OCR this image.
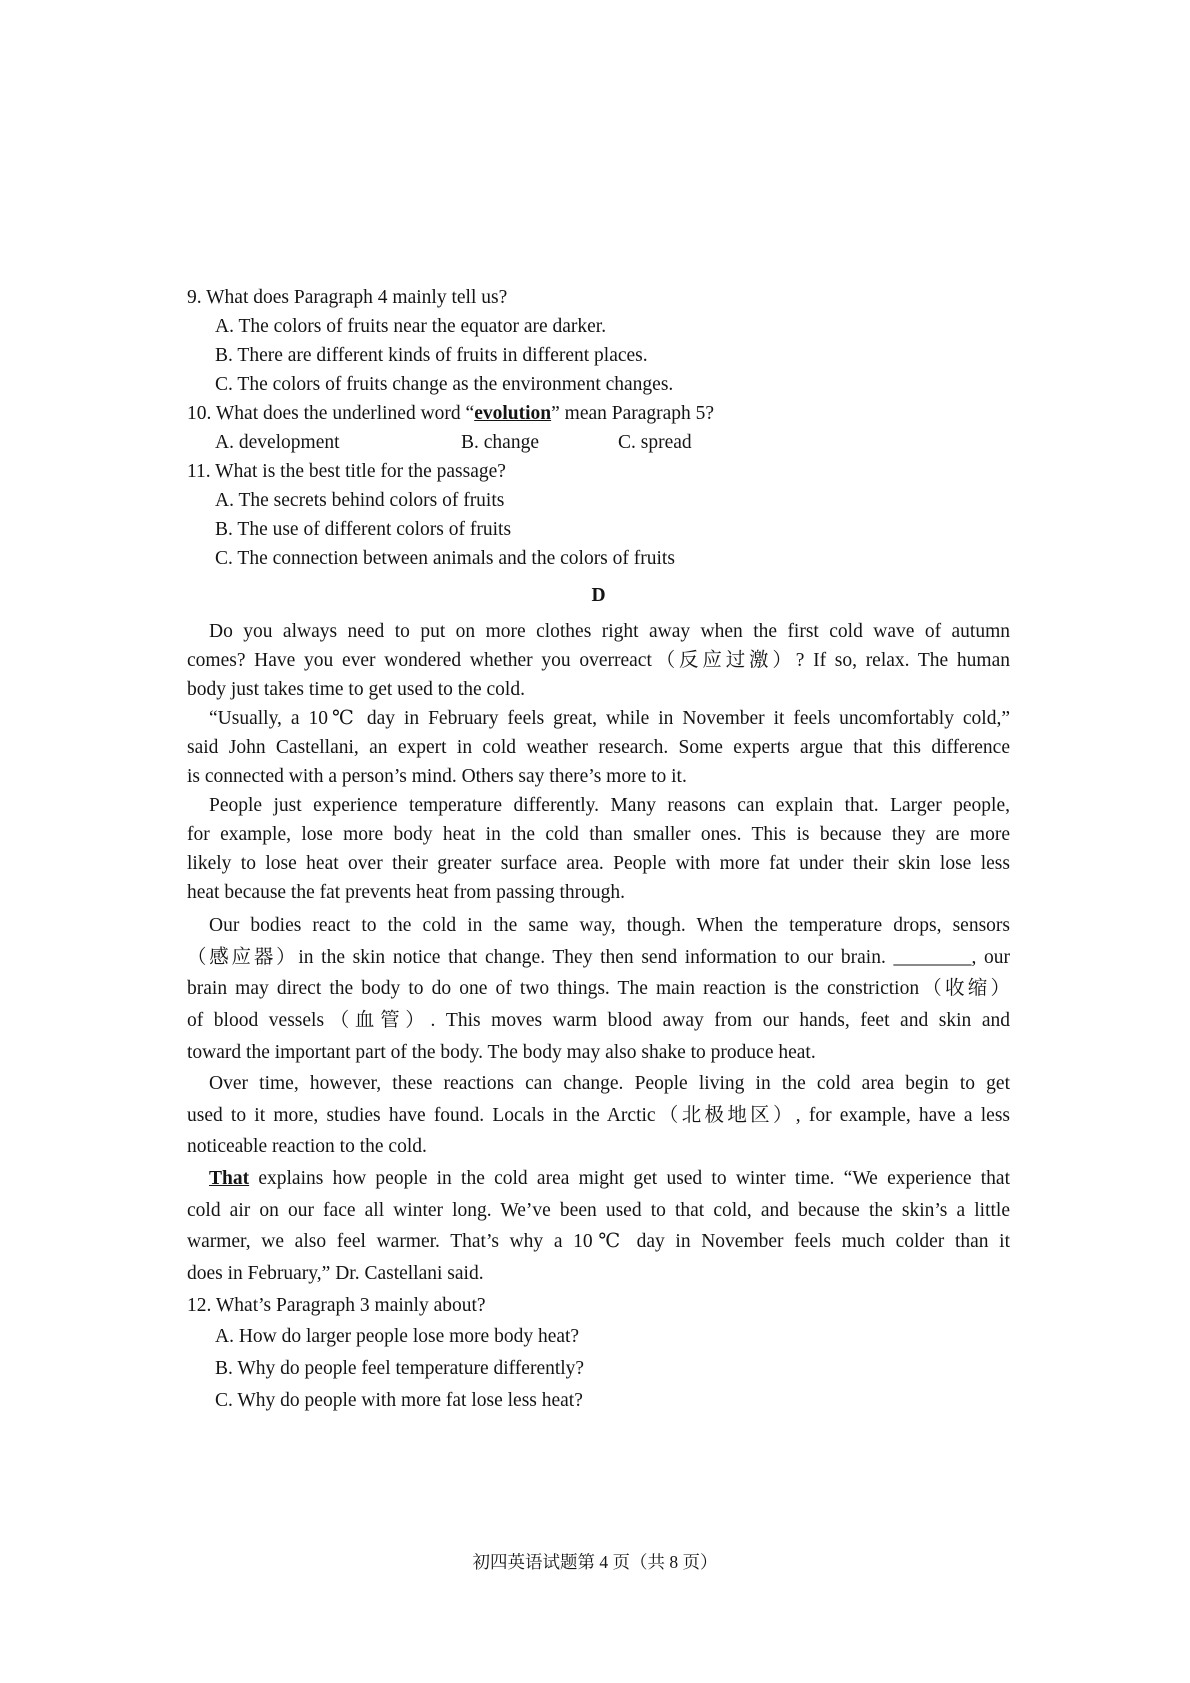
9. What does Paragraph 4 mainly tell us?
A. The colors of fruits near the equator are darker.
B. There are different kinds of fruits in different places.
C. The colors of fruits change as the environment changes.
10. What does the underlined word “evolution” mean Paragraph 5?
A. development	B. change	C. spread
11. What is the best title for the passage?
A. The secrets behind colors of fruits
B. The use of different colors of fruits
C. The connection between animals and the colors of fruits
D
Do you always need to put on more clothes right away when the first cold wave of autumn
comes? Have you ever wondered whether you overreact（反应过激）? If so, relax. The human
body just takes time to get used to the cold.
“Usually, a 10℃ day in February feels great, while in November it feels uncomfortably cold,”
said John Castellani, an expert in cold weather research. Some experts argue that this difference
is connected with a person’s mind. Others say there’s more to it.
People just experience temperature differently. Many reasons can explain that. Larger people,
for example, lose more body heat in the cold than smaller ones. This is because they are more
likely to lose heat over their greater surface area. People with more fat under their skin lose less
heat because the fat prevents heat from passing through.
Our bodies react to the cold in the same way, though. When the temperature drops, sensors
（感应器）in the skin notice that change. They then send information to our brain. ________, our
brain may direct the body to do one of two things. The main reaction is the constriction（收缩）
of blood vessels（血管）. This moves warm blood away from our hands, feet and skin and
toward the important part of the body. The body may also shake to produce heat.
Over time, however, these reactions can change. People living in the cold area begin to get
used to it more, studies have found. Locals in the Arctic（北极地区）, for example, have a less
noticeable reaction to the cold.
That explains how people in the cold area might get used to winter time. “We experience that
cold air on our face all winter long. We’ve been used to that cold, and because the skin’s a little
warmer, we also feel warmer. That’s why a 10℃ day in November feels much colder than it
does in February,” Dr. Castellani said.
12. What’s Paragraph 3 mainly about?
A. How do larger people lose more body heat?
B. Why do people feel temperature differently?
C. Why do people with more fat lose less heat?
初四英语试题第 4 页（共 8 页）
